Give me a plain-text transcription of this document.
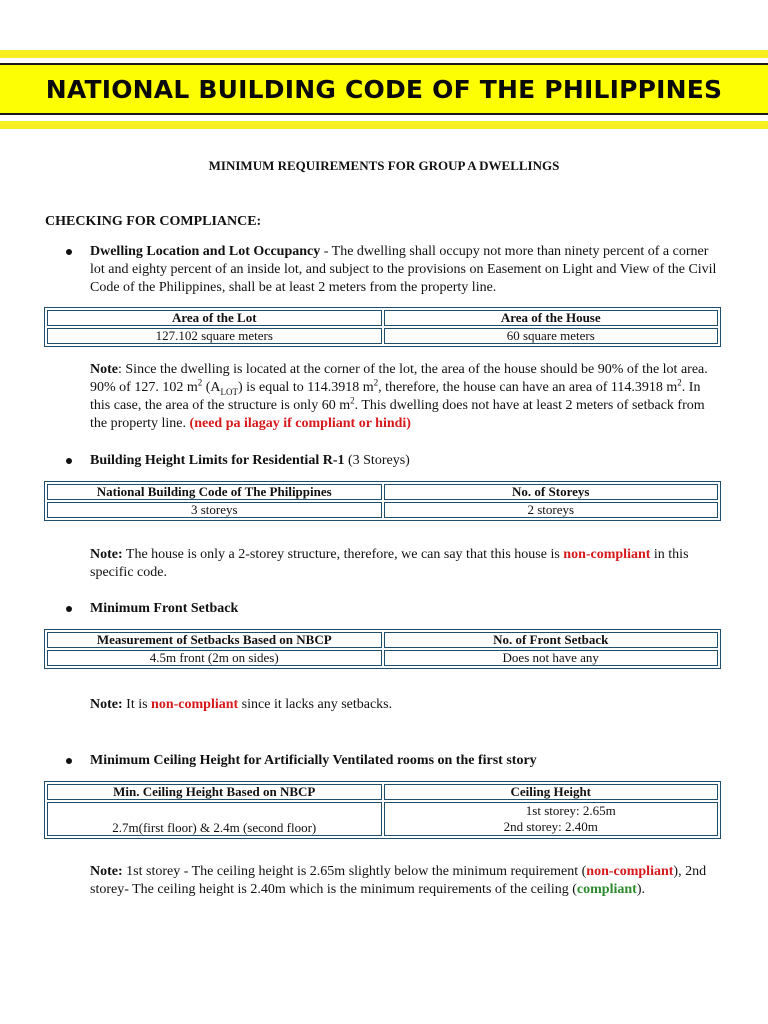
NATIONAL BUILDING CODE OF THE PHILIPPINES
MINIMUM REQUIREMENTS FOR GROUP A DWELLINGS
CHECKING FOR COMPLIANCE:
Dwelling Location and Lot Occupancy - The dwelling shall occupy not more than ninety percent of a corner lot and eighty percent of an inside lot, and subject to the provisions on Easement on Light and View of the Civil Code of the Philippines, shall be at least 2 meters from the property line.
Area of the Lot	Area of the House
127.102 square meters	60 square meters
Note: Since the dwelling is located at the corner of the lot, the area of the house should be 90% of the lot area. 90% of 127. 102 $m^2$ $(A_{LOT})$ is equal to 114.3918 $m^2$, therefore, the house can have an area of 114.3918 $m^2$. In this case, the area of the structure is only 60 $m^2$. This dwelling does not have at least 2 meters of setback from the property line. (need pa ilagay if compliant or hindi)
Building Height Limits for Residential R-1 (3 Storeys)
National Building Code of The Philippines	No. of Storeys
3 storeys	2 storeys
Note: The house is only a 2-storey structure, therefore, we can say that this house is non-compliant in this specific code.
Minimum Front Setback
Measurement of Setbacks Based on NBCP	No. of Front Setback
4.5m front (2m on sides)	Does not have any
Note: It is non-compliant since it lacks any setbacks.
Minimum Ceiling Height for Artificially Ventilated rooms on the first story
Min. Ceiling Height Based on NBCP	Ceiling Height
2.7m(first floor) & 2.4m (second floor)	1st storey: 2.65m
2nd storey: 2.40m
Note: 1st storey - The ceiling height is 2.65m slightly below the minimum requirement (non-compliant), 2nd storey- The ceiling height is 2.40m which is the minimum requirements of the ceiling (compliant).
